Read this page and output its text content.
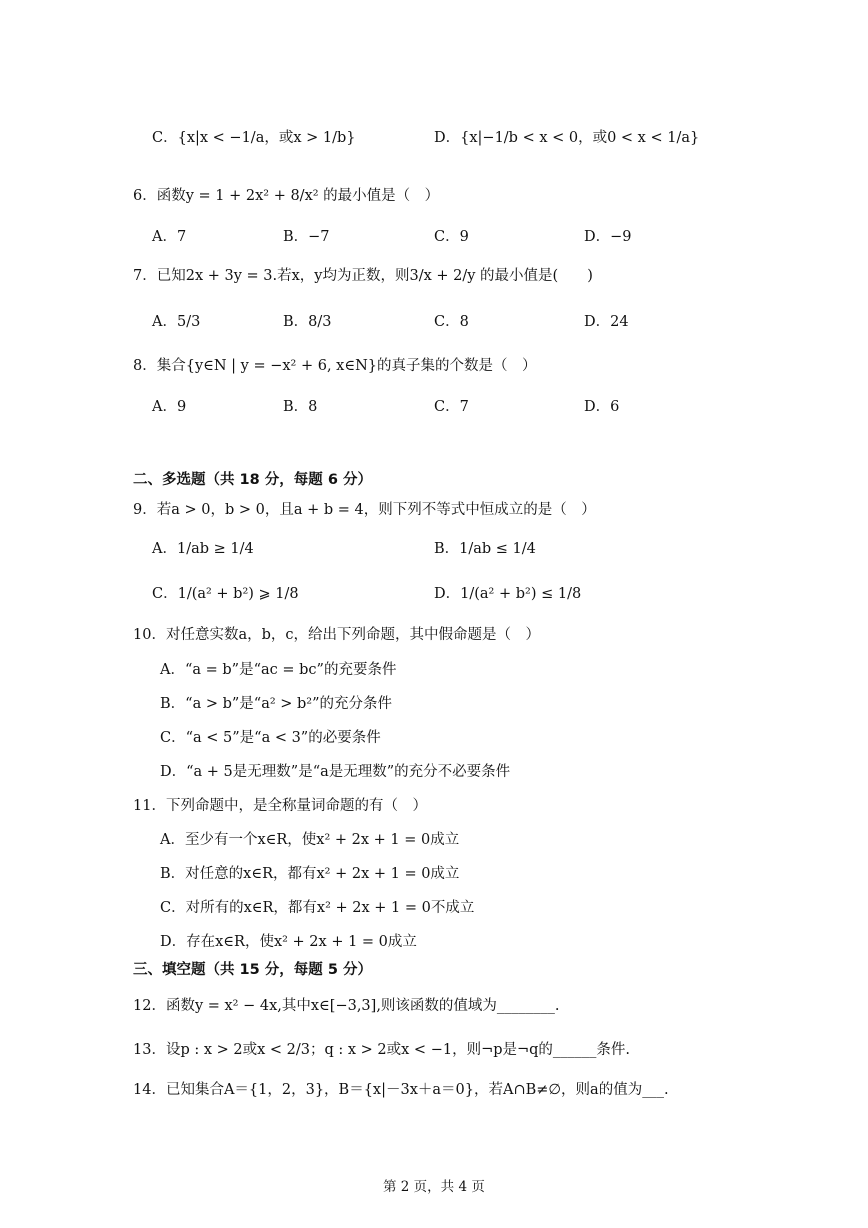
C．{x|x < −1/a，或x > 1/b}	D．{x|−1/b < x < 0，或0 < x < 1/a}
6．函数y = 1 + 2x² + 8/x² 的最小值是（　）
A．7	B．−7	C．9	D．−9
7．已知2x + 3y = 3.若x，y均为正数，则3/x + 2/y 的最小值是(　　)
A．5/3	B．8/3	C．8	D．24
8．集合{y∈N | y = −x² + 6, x∈N}的真子集的个数是（　）
A．9	B．8	C．7	D．6
二、多选题（共 18 分，每题 6 分）
9．若a > 0，b > 0，且a + b = 4，则下列不等式中恒成立的是（　）
A．1/ab ≥ 1/4	B．1/ab ≤ 1/4
C．1/(a² + b²) ⩾ 1/8	D．1/(a² + b²) ≤ 1/8
10．对任意实数a，b，c，给出下列命题，其中假命题是（　）
A．“a = b”是“ac = bc”的充要条件
B．“a > b”是“a² > b²”的充分条件
C．“a < 5”是“a < 3”的必要条件
D．“a + 5是无理数”是“a是无理数”的充分不必要条件
11．下列命题中，是全称量词命题的有（　）
A．至少有一个x∈R，使x² + 2x + 1 = 0成立
B．对任意的x∈R，都有x² + 2x + 1 = 0成立
C．对所有的x∈R，都有x² + 2x + 1 = 0不成立
D．存在x∈R，使x² + 2x + 1 = 0成立
三、填空题（共 15 分，每题 5 分）
12．函数y = x² − 4x,其中x∈[−3,3],则该函数的值域为________.
13．设p : x > 2或x < 2/3；q : x > 2或x < −1，则¬p是¬q的______条件.
14．已知集合A＝{1，2，3}，B＝{x|－3x＋a＝0}，若A∩B≠∅，则a的值为___.
第 2 页，共 4 页
